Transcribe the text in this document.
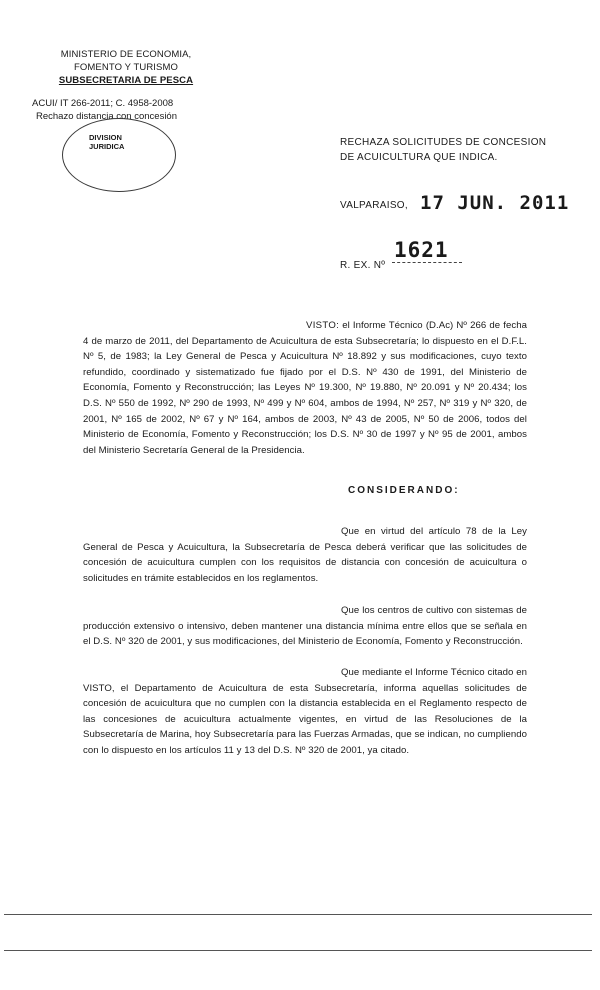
MINISTERIO DE ECONOMIA,
FOMENTO Y TURISMO
SUBSECRETARIA DE PESCA
ACUI/ IT 266-2011; C. 4958-2008
Rechazo distancia con concesión
DIVISION
JURIDICA	RECHAZA SOLICITUDES DE CONCESION DE ACUICULTURA QUE INDICA.
VALPARAISO, 17 JUN. 2011
1621
R. EX. Nº
VISTO: el Informe Técnico (D.Ac) Nº 266 de fecha 4 de marzo de 2011, del Departamento de Acuicultura de esta Subsecretaría; lo dispuesto en el D.F.L. Nº 5, de 1983; la Ley General de Pesca y Acuicultura Nº 18.892 y sus modificaciones, cuyo texto refundido, coordinado y sistematizado fue fijado por el D.S. Nº 430 de 1991, del Ministerio de Economía, Fomento y Reconstrucción; las Leyes Nº 19.300, Nº 19.880, Nº 20.091 y Nº 20.434; los D.S. Nº 550 de 1992, Nº 290 de 1993, Nº 499 y Nº 604, ambos de 1994, Nº 257, Nº 319 y Nº 320, de 2001, Nº 165 de 2002, Nº 67 y Nº 164, ambos de 2003, Nº 43 de 2005, Nº 50 de 2006, todos del Ministerio de Economía, Fomento y Reconstrucción; los D.S. Nº 30 de 1997 y Nº 95 de 2001, ambos del Ministerio Secretaría General de la Presidencia.
CONSIDERANDO:
Que en virtud del artículo 78 de la Ley General de Pesca y Acuicultura, la Subsecretaría de Pesca deberá verificar que las solicitudes de concesión de acuicultura cumplen con los requisitos de distancia con concesión de acuicultura o solicitudes en trámite establecidos en los reglamentos.
Que los centros de cultivo con sistemas de producción extensivo o intensivo, deben mantener una distancia mínima entre ellos que se señala en el D.S. Nº 320 de 2001, y sus modificaciones, del Ministerio de Economía, Fomento y Reconstrucción.
Que mediante el Informe Técnico citado en VISTO, el Departamento de Acuicultura de esta Subsecretaría, informa aquellas solicitudes de concesión de acuicultura que no cumplen con la distancia establecida en el Reglamento respecto de las concesiones de acuicultura actualmente vigentes, en virtud de las Resoluciones de la Subsecretaría de Marina, hoy Subsecretaría para las Fuerzas Armadas, que se indican, no cumpliendo con lo dispuesto en los artículos 11 y 13 del D.S. Nº 320 de 2001, ya citado.
